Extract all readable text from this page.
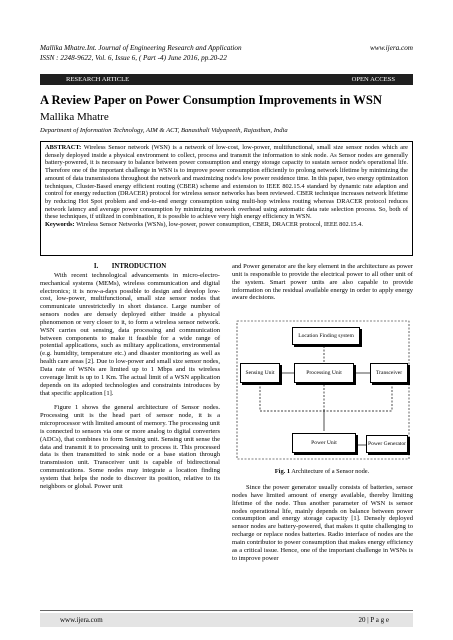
Mallika Mhatre.Int. Journal of Engineering Research and Application	www.ijera.com
ISSN : 2248-9622, Vol. 6, Issue 6, ( Part -4) June 2016, pp.20-22
RESEARCH ARTICLE	OPEN ACCESS
A Review Paper on Power Consumption Improvements in WSN
Mallika Mhatre
Department of Information Technology, AIM & ACT, Banasthali Vidyapeeth, Rajasthan, India
ABSTRACT: Wireless Sensor network (WSN) is a network of low-cost, low-power, multifunctional, small size sensor nodes which are densely deployed inside a physical environment to collect, process and transmit the information to sink node. As Sensor nodes are generally battery-powered, it is necessary to balance between power consumption and energy storage capacity to sustain sensor node's operational life. Therefore one of the important challenge in WSN is to improve power consumption efficiently to prolong network lifetime by minimizing the amount of data transmissions throughout the network and maximizing node's low power residence time. In this paper, two energy optimization techniques, Cluster-Based energy efficient routing (CBER) scheme and extension to IEEE 802.15.4 standard by dynamic rate adaption and control for energy reduction (DRACER) protocol for wireless sensor networks has been reviewed. CBER technique increases network lifetime by reducing Hot Spot problem and end-to-end energy consumption using multi-hop wireless routing whereas DRACER protocol reduces network latency and average power consumption by minimizing network overhead using automatic data rate selection process. So, both of these techniques, if utilized in combination, it is possible to achieve very high energy efficiency in WSN.
Keywords: Wireless Sensor Networks (WSNs), low-power, power consumption, CBER, DRACER protocol, IEEE 802.15.4.
I.        INTRODUCTION

With recent technological advancements in micro-electro-mechanical systems (MEMs), wireless communication and digital electronics; it is now-a-days possible to design and develop low-cost, low-power, multifunctional, small size sensor nodes that communicate unrestrictedly in short distance. Large number of sensors nodes are densely deployed either inside a physical phenomenon or very closer to it, to form a wireless sensor network. WSN carries out sensing, data processing and communication between components to make it feasible for a wide range of potential applications, such as military applications, environmental (e.g. humidity, temperature etc.) and disaster monitoring as well as health care areas [2]. Due to low-power and small size sensor nodes, Data rate of WSNs are limited up to 1 Mbps and its wireless coverage limit is up to 1 Km. The actual limit of a WSN application depends on its adopted technologies and constraints introduces by that specific application [1].

Figure 1 shows the general architecture of Sensor nodes. Processing unit is the head part of sensor node, it is a microprocessor with limited amount of memory. The processing unit is connected to sensors via one or more analog to digital converters (ADCs), that combines to form Sensing unit. Sensing unit sense the data and transmit it to processing unit to process it. This processed data is then transmitted to sink node or a base station through transmission unit. Transceiver unit is capable of bidirectional communications. Some nodes may integrate a location finding system that helps the node to discover its position, relative to its neighbors or global. Power unit

and Power generator are the key element in the architecture as power unit is responsible to provide the electrical power to all other unit of the system. Smart power units are also capable to provide information on the residual available energy in order to apply energy aware decisions.

Location Finding system
Sensing Unit	Processing Unit	Transceiver
Power Unit	Power Generator
Fig. 1 Architecture of a Sensor node.

Since the power generator usually consists of batteries, sensor nodes have limited amount of energy available, thereby limiting lifetime of the node. Thus another parameter of WSN is sensor nodes operational life, mainly depends on balance between power consumption and energy storage capacity [1]. Densely deployed sensor nodes are battery-powered, that makes it quite challenging to recharge or replace nodes batteries. Radio interface of nodes are the main contributor to power consumption that makes energy efficiency as a critical issue. Hence, one of the important challenge in WSNs is to improve power

www.ijera.com	20 | P a g e
